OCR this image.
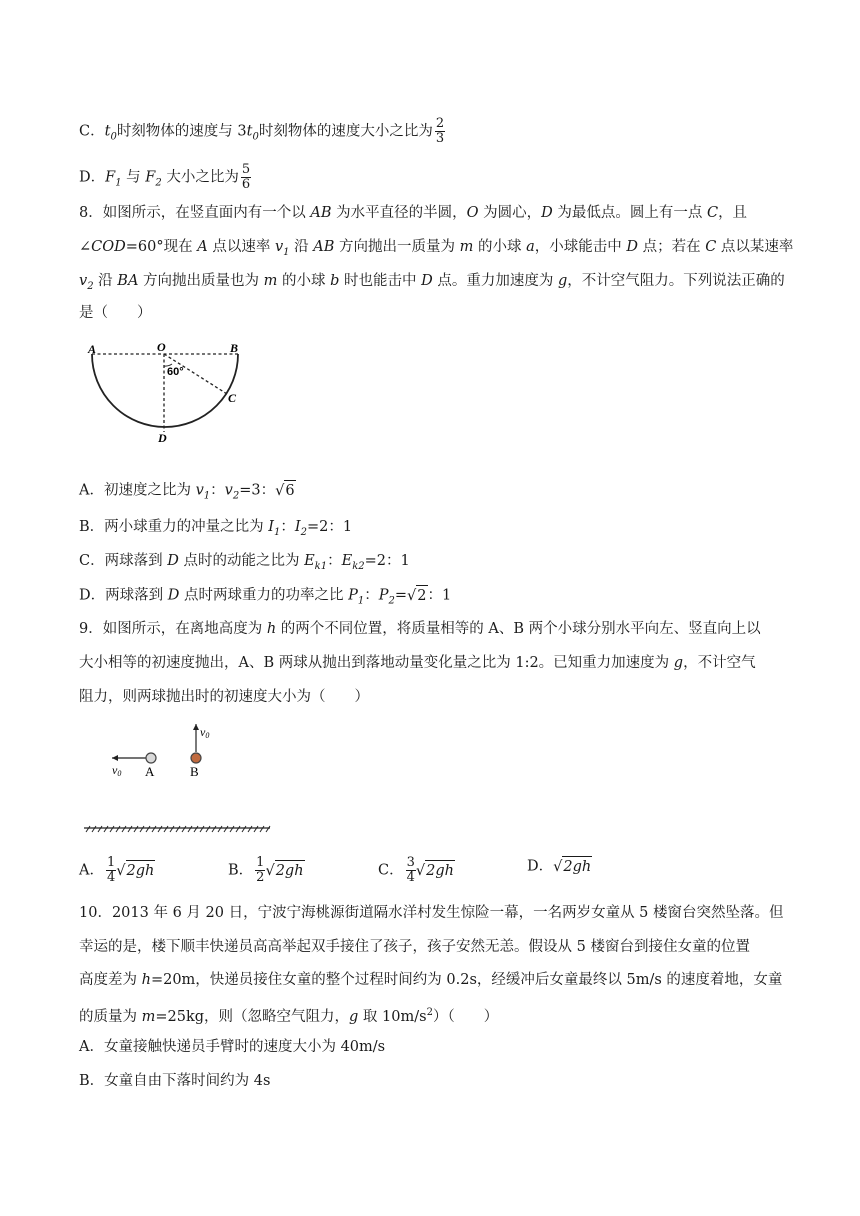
C．$t_0$时刻物体的速度与 $3t_0$时刻物体的速度大小之比为 $\frac{2}{3}$
D．$F_1$ 与 $F_2$ 大小之比为 $\frac{5}{6}$
8．如图所示，在竖直面内有一个以 AB 为水平直径的半圆，O 为圆心，D 为最低点。圆上有一点 C，且
∠COD=60°现在 A 点以速率 $v_1$ 沿 AB 方向抛出一质量为 m 的小球 a，小球能击中 D 点；若在 C 点以某速率
$v_2$ 沿 BA 方向抛出质量也为 m 的小球 b 时也能击中 D 点。重力加速度为 g，不计空气阻力。下列说法正确的
是（　　）
A	O	B
60°
C
D
A．初速度之比为 $v_1$：$v_2=3$：√6
B．两小球重力的冲量之比为 $I_1$：$I_2=2$：1
C．两球落到 D 点时的动能之比为 $E_{k1}$：$E_{k2}=2$：1
D．两球落到 D 点时两球重力的功率之比 $P_1$：$P_2=√2$：1
9．如图所示，在离地高度为 h 的两个不同位置，将质量相等的 A、B 两个小球分别水平向左、竖直向上以
大小相等的初速度抛出，A、B 两球从抛出到落地动量变化量之比为 1:2。已知重力加速度为 g，不计空气
阻力，则两球抛出时的初速度大小为（　　）
v0 A
v0
B
A． $\frac{1}{4} √2gh$	B． $\frac{1}{2} √2gh$	C． $\frac{3}{4} √2gh$	D．√2gh
10．2013 年 6 月 20 日，宁波宁海桃源街道隔水洋村发生惊险一幕，一名两岁女童从 5 楼窗台突然坠落。但
幸运的是，楼下顺丰快递员高高举起双手接住了孩子，孩子安然无恙。假设从 5 楼窗台到接住女童的位置
高度差为 h=20m，快递员接住女童的整个过程时间约为 0.2s，经缓冲后女童最终以 5m/s 的速度着地，女童
的质量为 m=25kg，则（忽略空气阻力，g 取 $10m/s^2$）（　　）
A．女童接触快递员手臂时的速度大小为 40m/s
B．女童自由下落时间约为 4s
